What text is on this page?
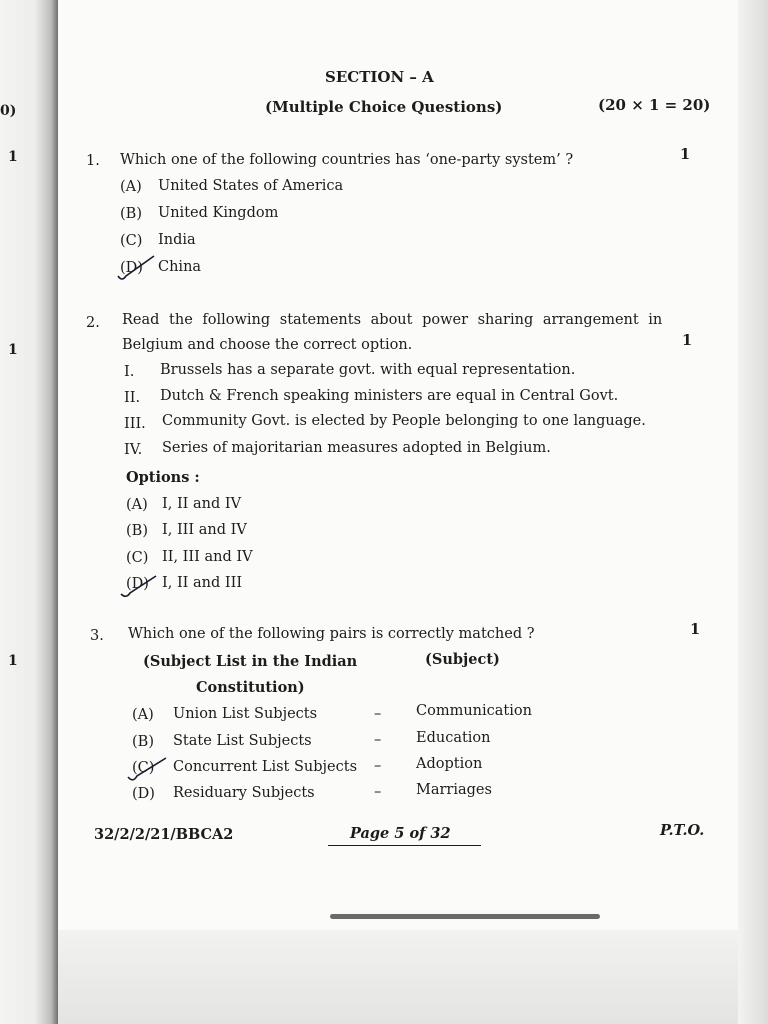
0)
1
1
1
SECTION – A
(Multiple Choice Questions)	(20 × 1 = 20)
1. Which one of the following countries has ‘one-party system’ ?	1
(A) United States of America
(B) United Kingdom
(C) India
(D) China
2. Read the following statements about power sharing arrangement in
Belgium and choose the correct option.	1
I. Brussels has a separate govt. with equal representation.
II. Dutch & French speaking ministers are equal in Central Govt.
III. Community Govt. is elected by People belonging to one language.
IV. Series of majoritarian measures adopted in Belgium.
Options :
(A) I, II and IV
(B) I, III and IV
(C) II, III and IV
(D) I, II and III
3. Which one of the following pairs is correctly matched ?	1
(Subject List in the Indian
Constitution)
(Subject)
(A) Union List Subjects	– Communication
(B) State List Subjects	– Education
(C) Concurrent List Subjects – Adoption
(D) Residuary Subjects	– Marriages
32/2/2/21/BBCA2	Page 5 of 32	P.T.O.
